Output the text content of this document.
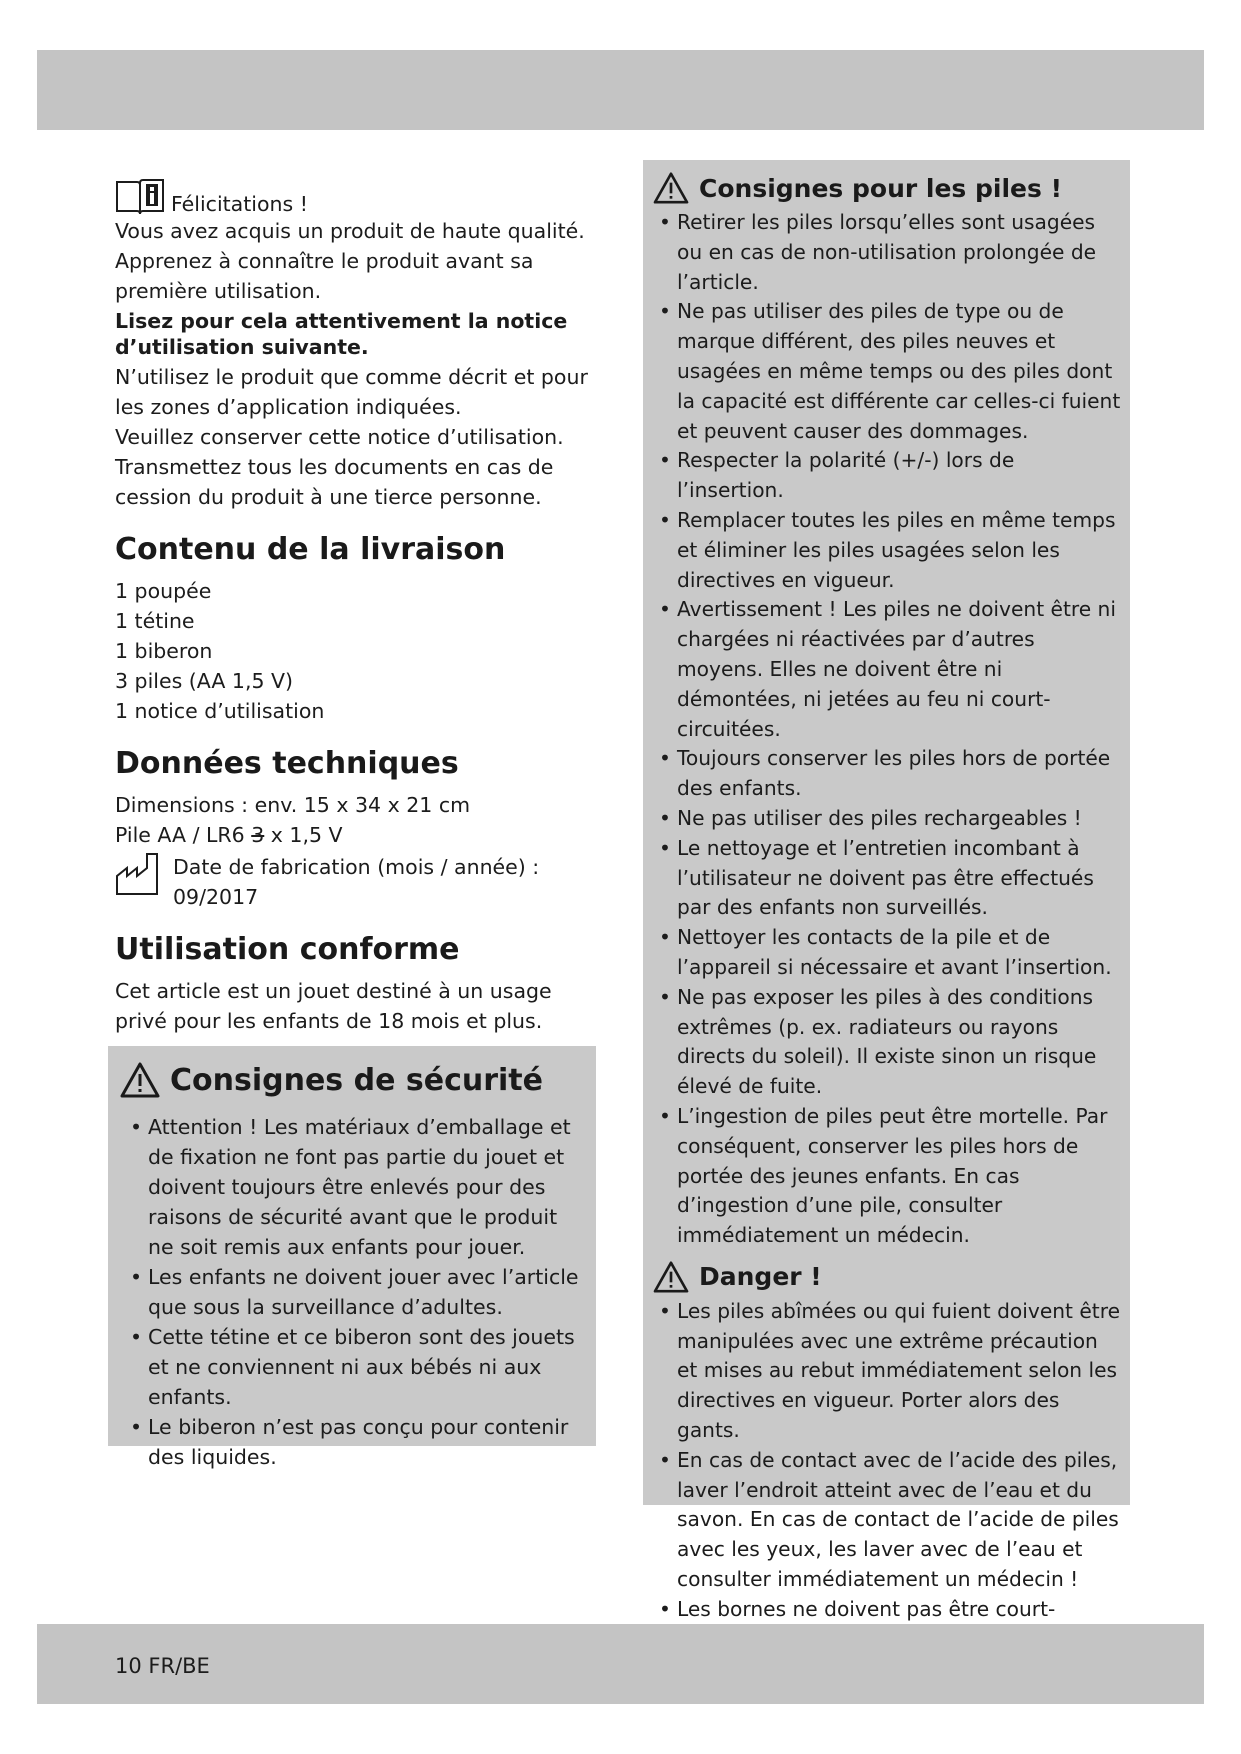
Félicitations !

Vous avez acquis un produit de haute qualité.

Apprenez à connaître le produit avant sa première utilisation.

Lisez pour cela attentivement la notice d’utilisation suivante.

N’utilisez le produit que comme décrit et pour les zones d’application indiquées.

Veuillez conserver cette notice d’utilisation.

Transmettez tous les documents en cas de cession du produit à une tierce personne.

Contenu de la livraison

1 poupée

1 tétine

1 biberon

3 piles (AA 1,5 V)

1 notice d’utilisation

Données techniques

Dimensions : env. 15 x 34 x 21 cm

Pile AA / LR6 3 x 1,5 V

Date de fabrication (mois / année) :
09/2017
Utilisation conforme

Cet article est un jouet destiné à un usage privé pour les enfants de 18 mois et plus.

Consignes de sécurité
• Attention ! Les matériaux d’emballage et de fixation ne font pas partie du jouet et doivent toujours être enlevés pour des raisons de sécurité avant que le produit ne soit remis aux enfants pour jouer.
• Les enfants ne doivent jouer avec l’article que sous la surveillance d’adultes.
• Cette tétine et ce biberon sont des jouets et ne conviennent ni aux bébés ni aux enfants.
• Le biberon n’est pas conçu pour contenir des liquides.
Consignes pour les piles !
• Retirer les piles lorsqu’elles sont usagées ou en cas de non-utilisation prolongée de l’article.
• Ne pas utiliser des piles de type ou de marque différent, des piles neuves et usagées en même temps ou des piles dont la capacité est différente car celles-ci fuient et peuvent causer des dommages.
• Respecter la polarité (+/-) lors de l’insertion.
• Remplacer toutes les piles en même temps et éliminer les piles usagées selon les directives en vigueur.
• Avertissement ! Les piles ne doivent être ni chargées ni réactivées par d’autres moyens. Elles ne doivent être ni démontées, ni jetées au feu ni court-circuitées.
• Toujours conserver les piles hors de portée des enfants.
• Ne pas utiliser des piles rechargeables !
• Le nettoyage et l’entretien incombant à l’utilisateur ne doivent pas être effectués par des enfants non surveillés.
• Nettoyer les contacts de la pile et de l’appareil si nécessaire et avant l’insertion.
• Ne pas exposer les piles à des conditions extrêmes (p. ex. radiateurs ou rayons directs du soleil). Il existe sinon un risque élevé de fuite.
• L’ingestion de piles peut être mortelle. Par conséquent, conserver les piles hors de portée des jeunes enfants. En cas d’ingestion d’une pile, consulter immédiatement un médecin.
Danger !
• Les piles abîmées ou qui fuient doivent être manipulées avec une extrême précaution et mises au rebut immédiatement selon les directives en vigueur. Porter alors des gants.
• En cas de contact avec de l’acide des piles, laver l’endroit atteint avec de l’eau et du savon. En cas de contact de l’acide de piles avec les yeux, les laver avec de l’eau et consulter immédiatement un médecin !
• Les bornes ne doivent pas être court-
10 FR/BE
